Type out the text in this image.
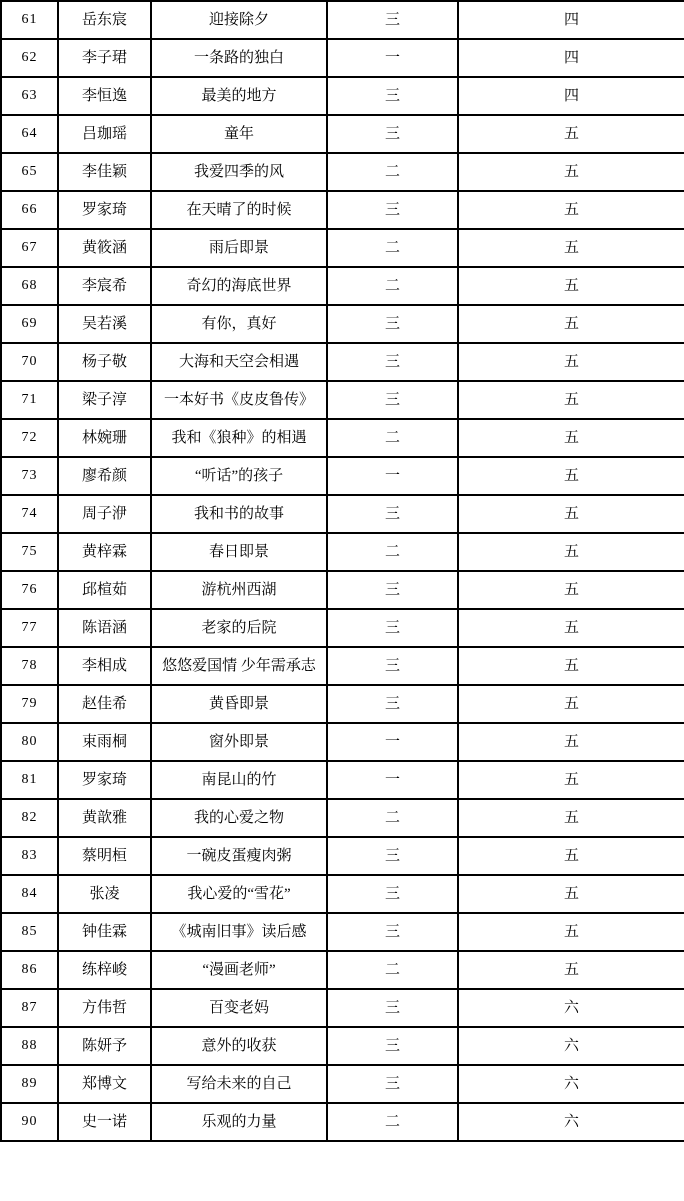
61	岳东宸	迎接除夕	三	四
62	李子珺	一条路的独白	一	四
63	李恒逸	最美的地方	三	四
64	吕珈瑶	童年	三	五
65	李佳颖	我爱四季的风	二	五
66	罗家琦	在天晴了的时候	三	五
67	黄筱涵	雨后即景	二	五
68	李宸希	奇幻的海底世界	二	五
69	吴若溪	有你，真好	三	五
70	杨子敬	大海和天空会相遇	三	五
71	梁子淳	一本好书《皮皮鲁传》	三	五
72	林婉珊	我和《狼种》的相遇	二	五
73	廖希颜	“听话”的孩子	一	五
74	周子洢	我和书的故事	三	五
75	黄梓霖	春日即景	二	五
76	邱楦茹	游杭州西湖	三	五
77	陈语涵	老家的后院	三	五
78	李相成	悠悠爱国情 少年需承志	三	五
79	赵佳希	黄昏即景	三	五
80	束雨桐	窗外即景	一	五
81	罗家琦	南昆山的竹	一	五
82	黄歆雅	我的心爱之物	二	五
83	蔡明桓	一碗皮蛋瘦肉粥	三	五
84	张凌	我心爱的“雪花”	三	五
85	钟佳霖	《城南旧事》读后感	三	五
86	练梓峻	“漫画老师”	二	五
87	方伟哲	百变老妈	三	六
88	陈妍予	意外的收获	三	六
89	郑博文	写给未来的自己	三	六
90	史一诺	乐观的力量	二	六
